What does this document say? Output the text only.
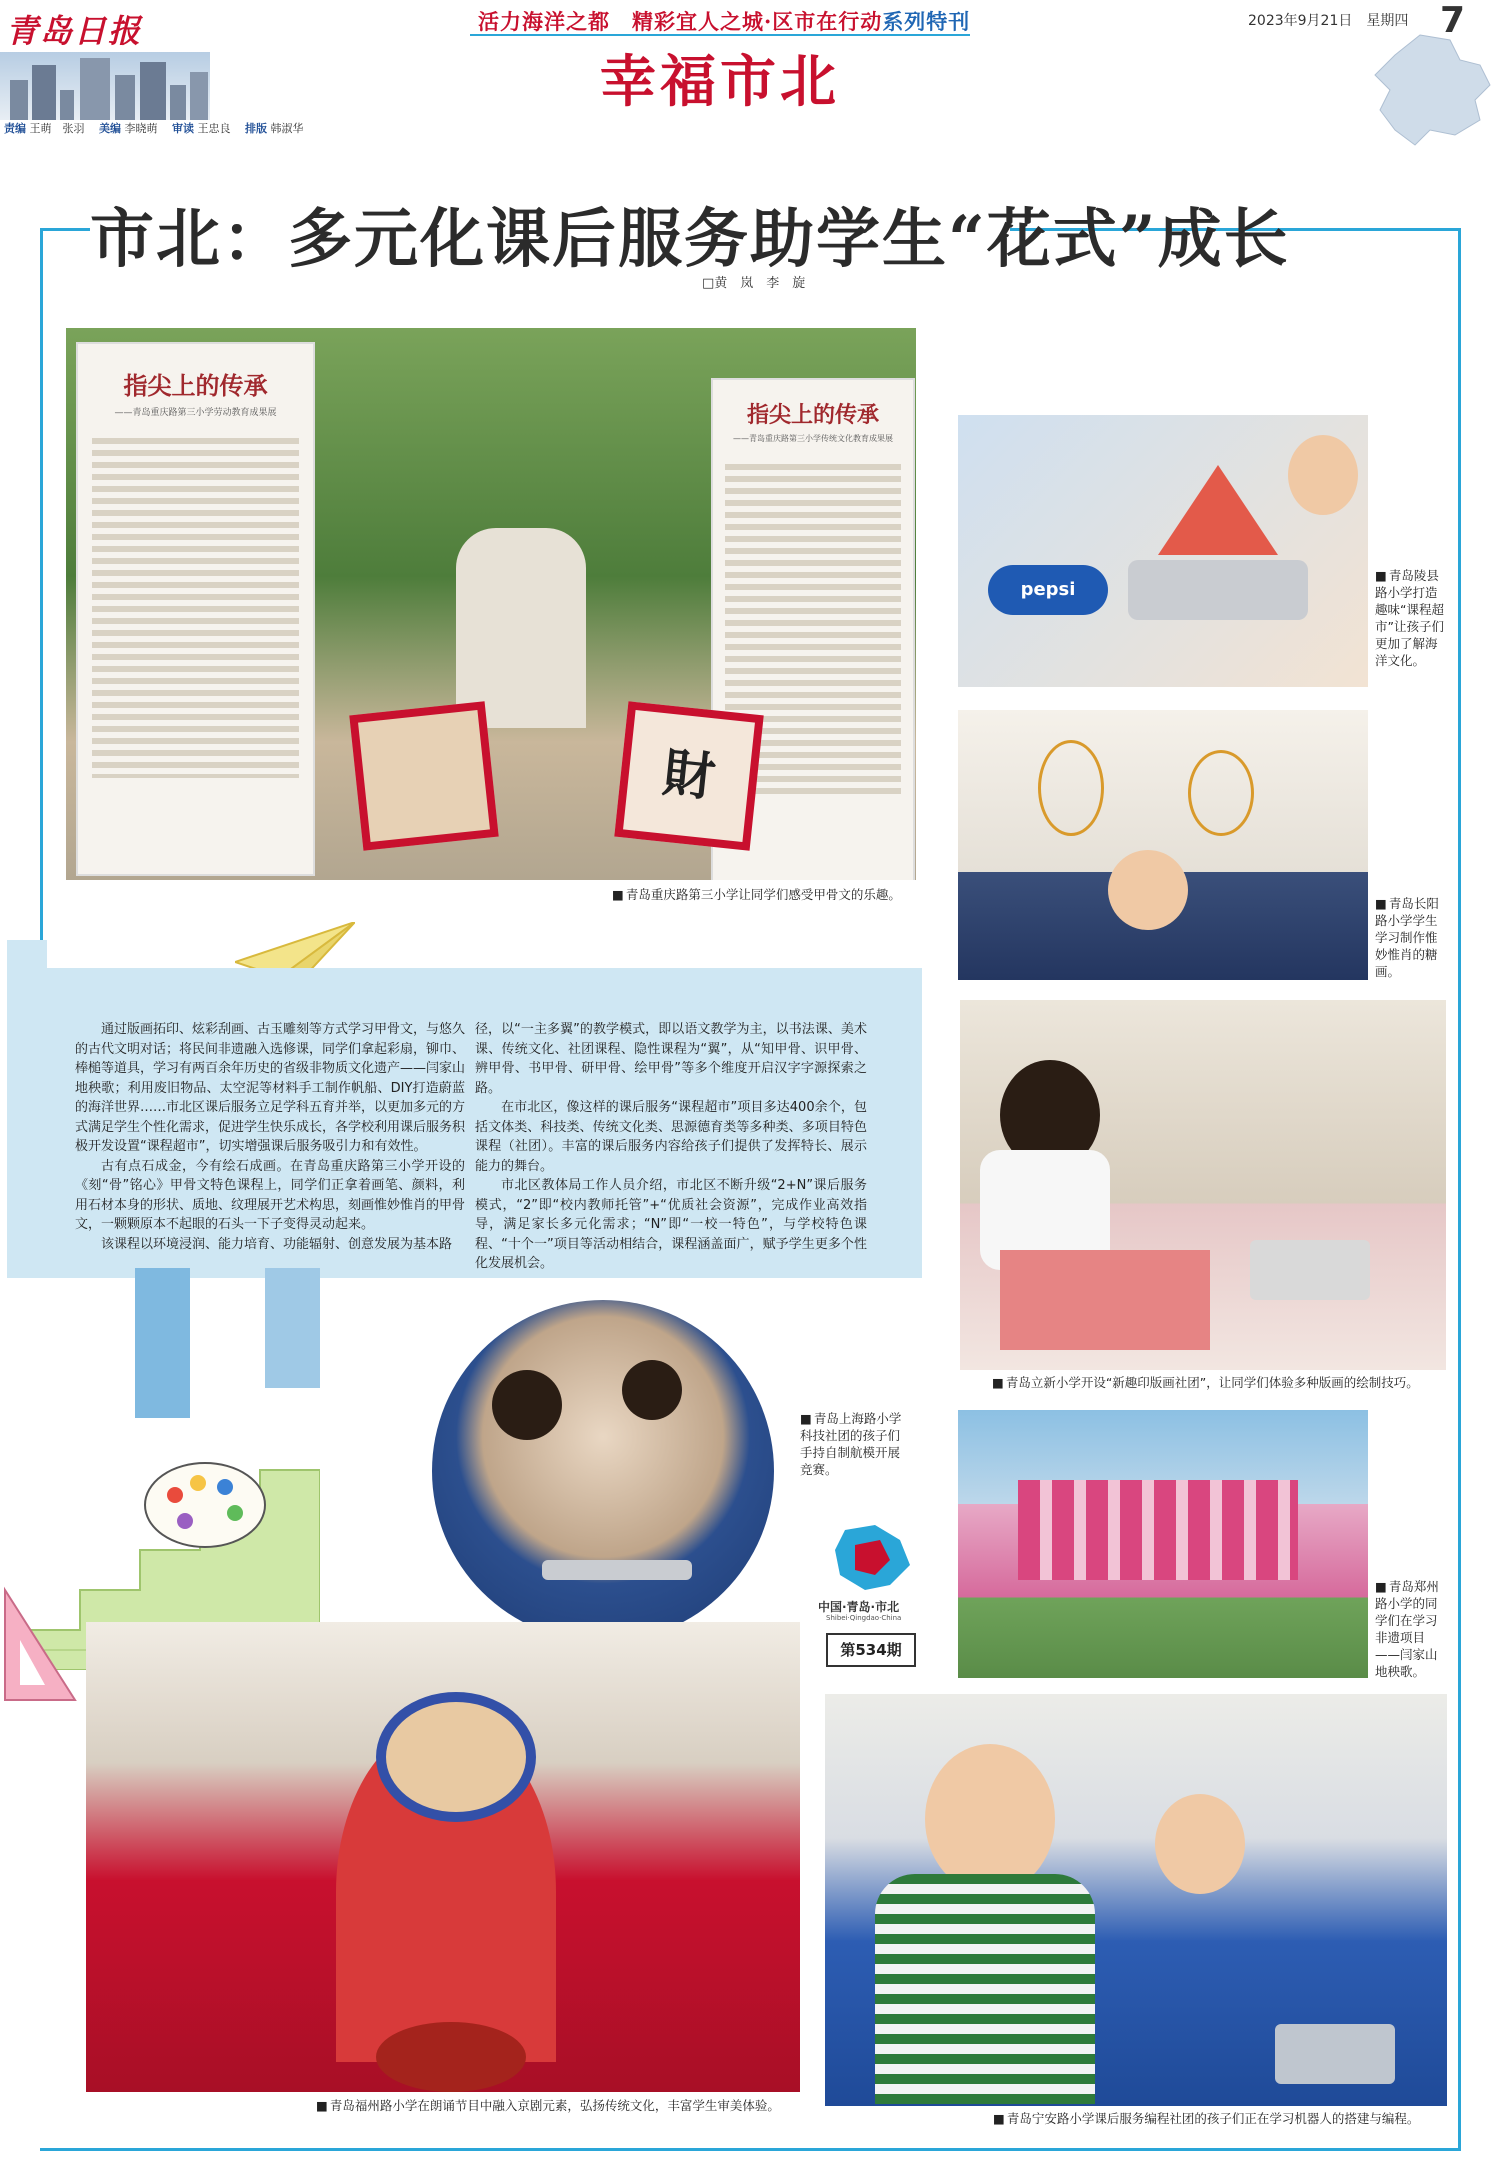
青岛日报
责编 王萌　张羽　 美编 李晓萌　 审读 王忠良　 排版 韩淑华
活力海洋之都　 精彩宜人之城·区市在行动系列特刊	2023年9月21日　星期四 7
幸福市北
市北：多元化课后服务助学生“花式”成长
□黄　岚　李　旋
指尖上的传承
——青岛重庆路第三小学劳动教育成果展	指尖上的传承
——青岛重庆路第三小学传统文化教育成果展
財
■ 青岛重庆路第三小学让同学们感受甲骨文的乐趣。
pepsi
■ 青岛陵县路小学打造趣味“课程超市”让孩子们更加了解海洋文化。
■ 青岛长阳路小学学生学习制作惟妙惟肖的糖画。
■ 青岛立新小学开设“新趣印版画社团”，让同学们体验多种版画的绘制技巧。
■ 青岛郑州路小学的同学们在学习非遗项目——闫家山地秧歌。

通过版画拓印、炫彩刮画、古玉雕刻等方式学习甲骨文，与悠久的古代文明对话；将民间非遗融入选修课，同学们拿起彩扇，铆巾、棒槌等道具，学习有两百余年历史的省级非物质文化遗产——闫家山地秧歌；利用废旧物品、太空泥等材料手工制作帆船、DIY打造蔚蓝的海洋世界……市北区课后服务立足学科五育并举，以更加多元的方式满足学生个性化需求，促进学生快乐成长，各学校利用课后服务积极开发设置“课程超市”，切实增强课后服务吸引力和有效性。

古有点石成金，今有绘石成画。在青岛重庆路第三小学开设的《刻“骨”铭心》甲骨文特色课程上，同学们正拿着画笔、颜料，利用石材本身的形状、质地、纹理展开艺术构思，刻画惟妙惟肖的甲骨文，一颗颗原本不起眼的石头一下子变得灵动起来。

该课程以环境浸润、能力培育、功能辐射、创意发展为基本路

径，以“一主多翼”的教学模式，即以语文教学为主，以书法课、美术课、传统文化、社团课程、隐性课程为“翼”，从“知甲骨、识甲骨、辨甲骨、书甲骨、研甲骨、绘甲骨”等多个维度开启汉字字源探索之路。

在市北区，像这样的课后服务“课程超市”项目多达400余个，包括文体类、科技类、传统文化类、思源德育类等多种类、多项目特色课程（社团）。丰富的课后服务内容给孩子们提供了发挥特长、展示能力的舞台。

市北区教体局工作人员介绍，市北区不断升级“2+N”课后服务模式，“2”即“校内教师托管”+“优质社会资源”，完成作业高效指导，满足家长多元化需求；“N”即“一校一特色”，与学校特色课程、“十个一”项目等活动相结合，课程涵盖面广，赋予学生更多个性化发展机会。

■ 青岛上海路小学科技社团的孩子们手持自制航模开展竞赛。
中国·青岛·市北
Shibei·Qingdao·China
第534期
■ 青岛福州路小学在朗诵节目中融入京剧元素，弘扬传统文化，丰富学生审美体验。
■ 青岛宁安路小学课后服务编程社团的孩子们正在学习机器人的搭建与编程。
